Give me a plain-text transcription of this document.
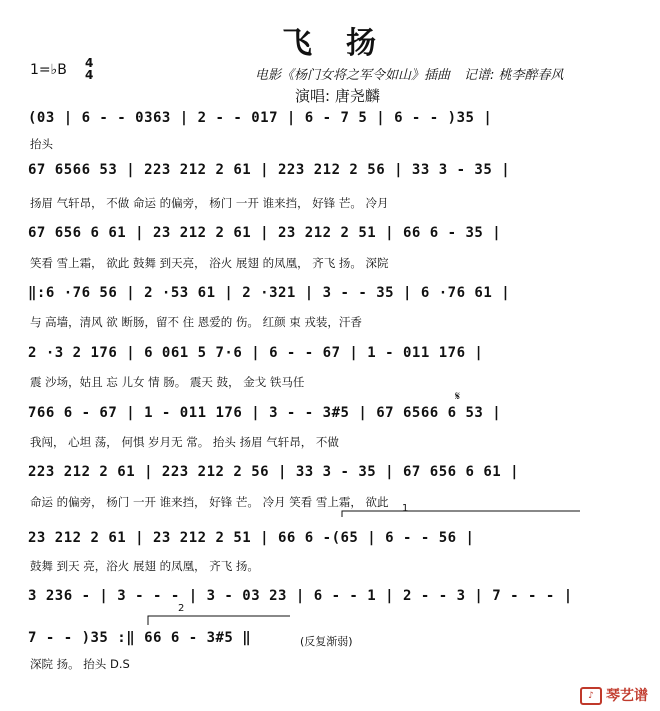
飞　扬
1=♭B 4
4	电影《杨门女将之军令如山》插曲 记谱: 桃李醉春风
演唱: 唐尧麟
(03 | 6 - - 0363 | 2 - - 017 | 6 - 7 5 | 6 - - )35 |
抬头
67 6566 53 | 223 212 2 61 | 223 212 2 56 | 33 3 - 35 |
扬眉 气轩昂， 不做 命运 的偏旁， 杨门 一开 谁来挡， 好锋 芒。 冷月
67 656 6 61 | 23 212 2 61 | 23 212 2 51 | 66 6 - 35 |
笑看 雪上霜， 欲此 鼓舞 到天亮， 浴火 展翅 的凤凰， 齐飞 扬。 深院
‖:6 ·76 56 | 2 ·53 61 | 2 ·321 | 3 - - 35 | 6 ·76 61 |
与 高墙，清风 欲 断肠，留不 住 恩爱的 伤。 红颜 束 戎装，汗香
2 ·3 2 176 | 6 061 5 7·6 | 6 - - 67 | 1 - 011 176 |
震 沙场，姑且 忘 儿女 情 肠。 震天 鼓， 金戈 铁马任
766 6 - 67 | 1 - 011 176 | 3 - - 3#5 | 67 6566 6 53 |
我闯， 心坦 荡， 何惧 岁月无 常。 抬头 扬眉 气轩昂， 不做
223 212 2 61 | 223 212 2 56 | 33 3 - 35 | 67 656 6 61 |
命运 的偏旁， 杨门 一开 谁来挡， 好锋 芒。 冷月 笑看 雪上霜， 欲此
23 212 2 61 | 23 212 2 51 | 66 6 -(65 | 6 - - 56 |
鼓舞 到天 亮，浴火 展翅 的凤凰， 齐飞 扬。
3 236 - | 3 - - - | 3 - 03 23 | 6 - - 1 | 2 - - 3 | 7 - - - |
7 - - )35 :‖ 66 6 - 3#5 ‖
深院 扬。 抬头 D.S
(反复渐弱)
1
2
♪ 琴艺谱
𝄋
